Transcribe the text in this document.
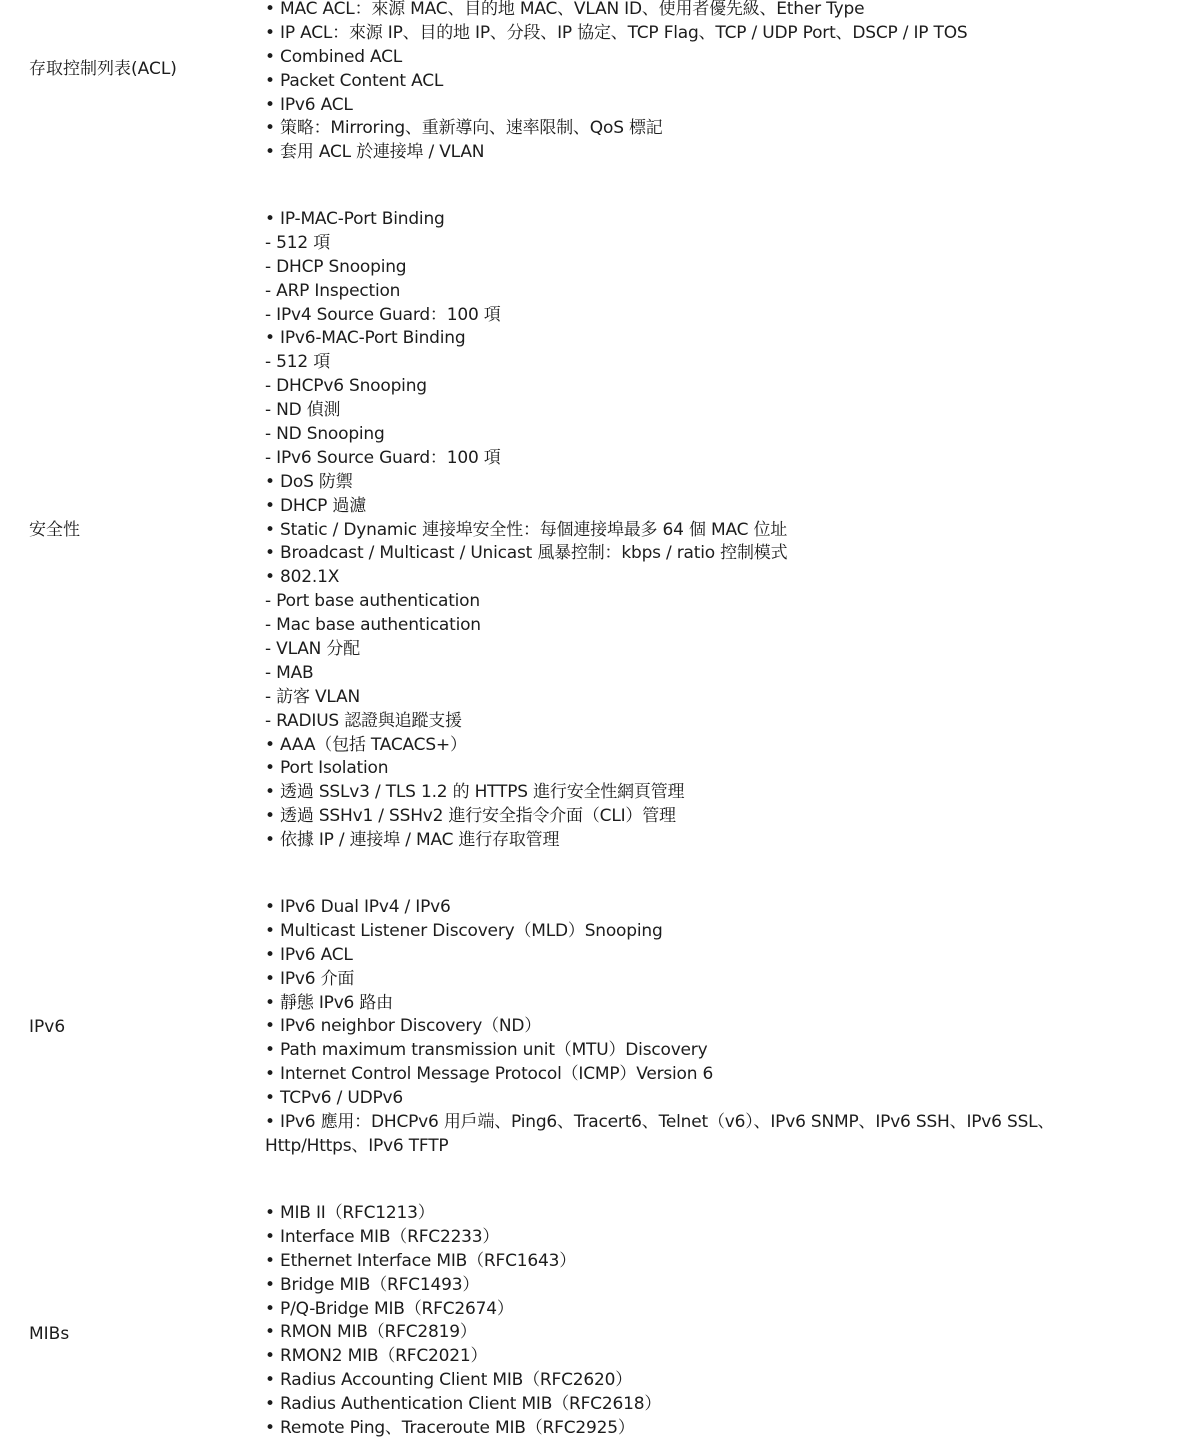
存取控制列表(ACL)
• MAC ACL：來源 MAC、目的地 MAC、VLAN ID、使用者優先級、Ether Type
• IP ACL：來源 IP、目的地 IP、分段、IP 協定、TCP Flag、TCP / UDP Port、DSCP / IP TOS
• Combined ACL
• Packet Content ACL
• IPv6 ACL
• 策略：Mirroring、重新導向、速率限制、QoS 標記
• 套用 ACL 於連接埠 / VLAN
安全性
• IP-MAC-Port Binding
- 512 項
- DHCP Snooping
- ARP Inspection
- IPv4 Source Guard：100 項
• IPv6-MAC-Port Binding
- 512 項
- DHCPv6 Snooping
- ND 偵測
- ND Snooping
- IPv6 Source Guard：100 項
• DoS 防禦
• DHCP 過濾
• Static / Dynamic 連接埠安全性：每個連接埠最多 64 個 MAC 位址
• Broadcast / Multicast / Unicast 風暴控制：kbps / ratio 控制模式
• 802.1X
- Port base authentication
- Mac base authentication
- VLAN 分配
- MAB
- 訪客 VLAN
- RADIUS 認證與追蹤支援
• AAA（包括 TACACS+）
• Port Isolation
• 透過 SSLv3 / TLS 1.2 的 HTTPS 進行安全性網頁管理
• 透過 SSHv1 / SSHv2 進行安全指令介面（CLI）管理
• 依據 IP / 連接埠 / MAC 進行存取管理
IPv6
• IPv6 Dual IPv4 / IPv6
• Multicast Listener Discovery（MLD）Snooping
• IPv6 ACL
• IPv6 介面
• 靜態 IPv6 路由
• IPv6 neighbor Discovery（ND）
• Path maximum transmission unit（MTU）Discovery
• Internet Control Message Protocol（ICMP）Version 6
• TCPv6 / UDPv6
• IPv6 應用：DHCPv6 用戶端、Ping6、Tracert6、Telnet（v6）、IPv6 SNMP、IPv6 SSH、IPv6 SSL、
Http/Https、IPv6 TFTP
MIBs
• MIB II（RFC1213）
• Interface MIB（RFC2233）
• Ethernet Interface MIB（RFC1643）
• Bridge MIB（RFC1493）
• P/Q-Bridge MIB（RFC2674）
• RMON MIB（RFC2819）
• RMON2 MIB（RFC2021）
• Radius Accounting Client MIB（RFC2620）
• Radius Authentication Client MIB（RFC2618）
• Remote Ping、Traceroute MIB（RFC2925）
